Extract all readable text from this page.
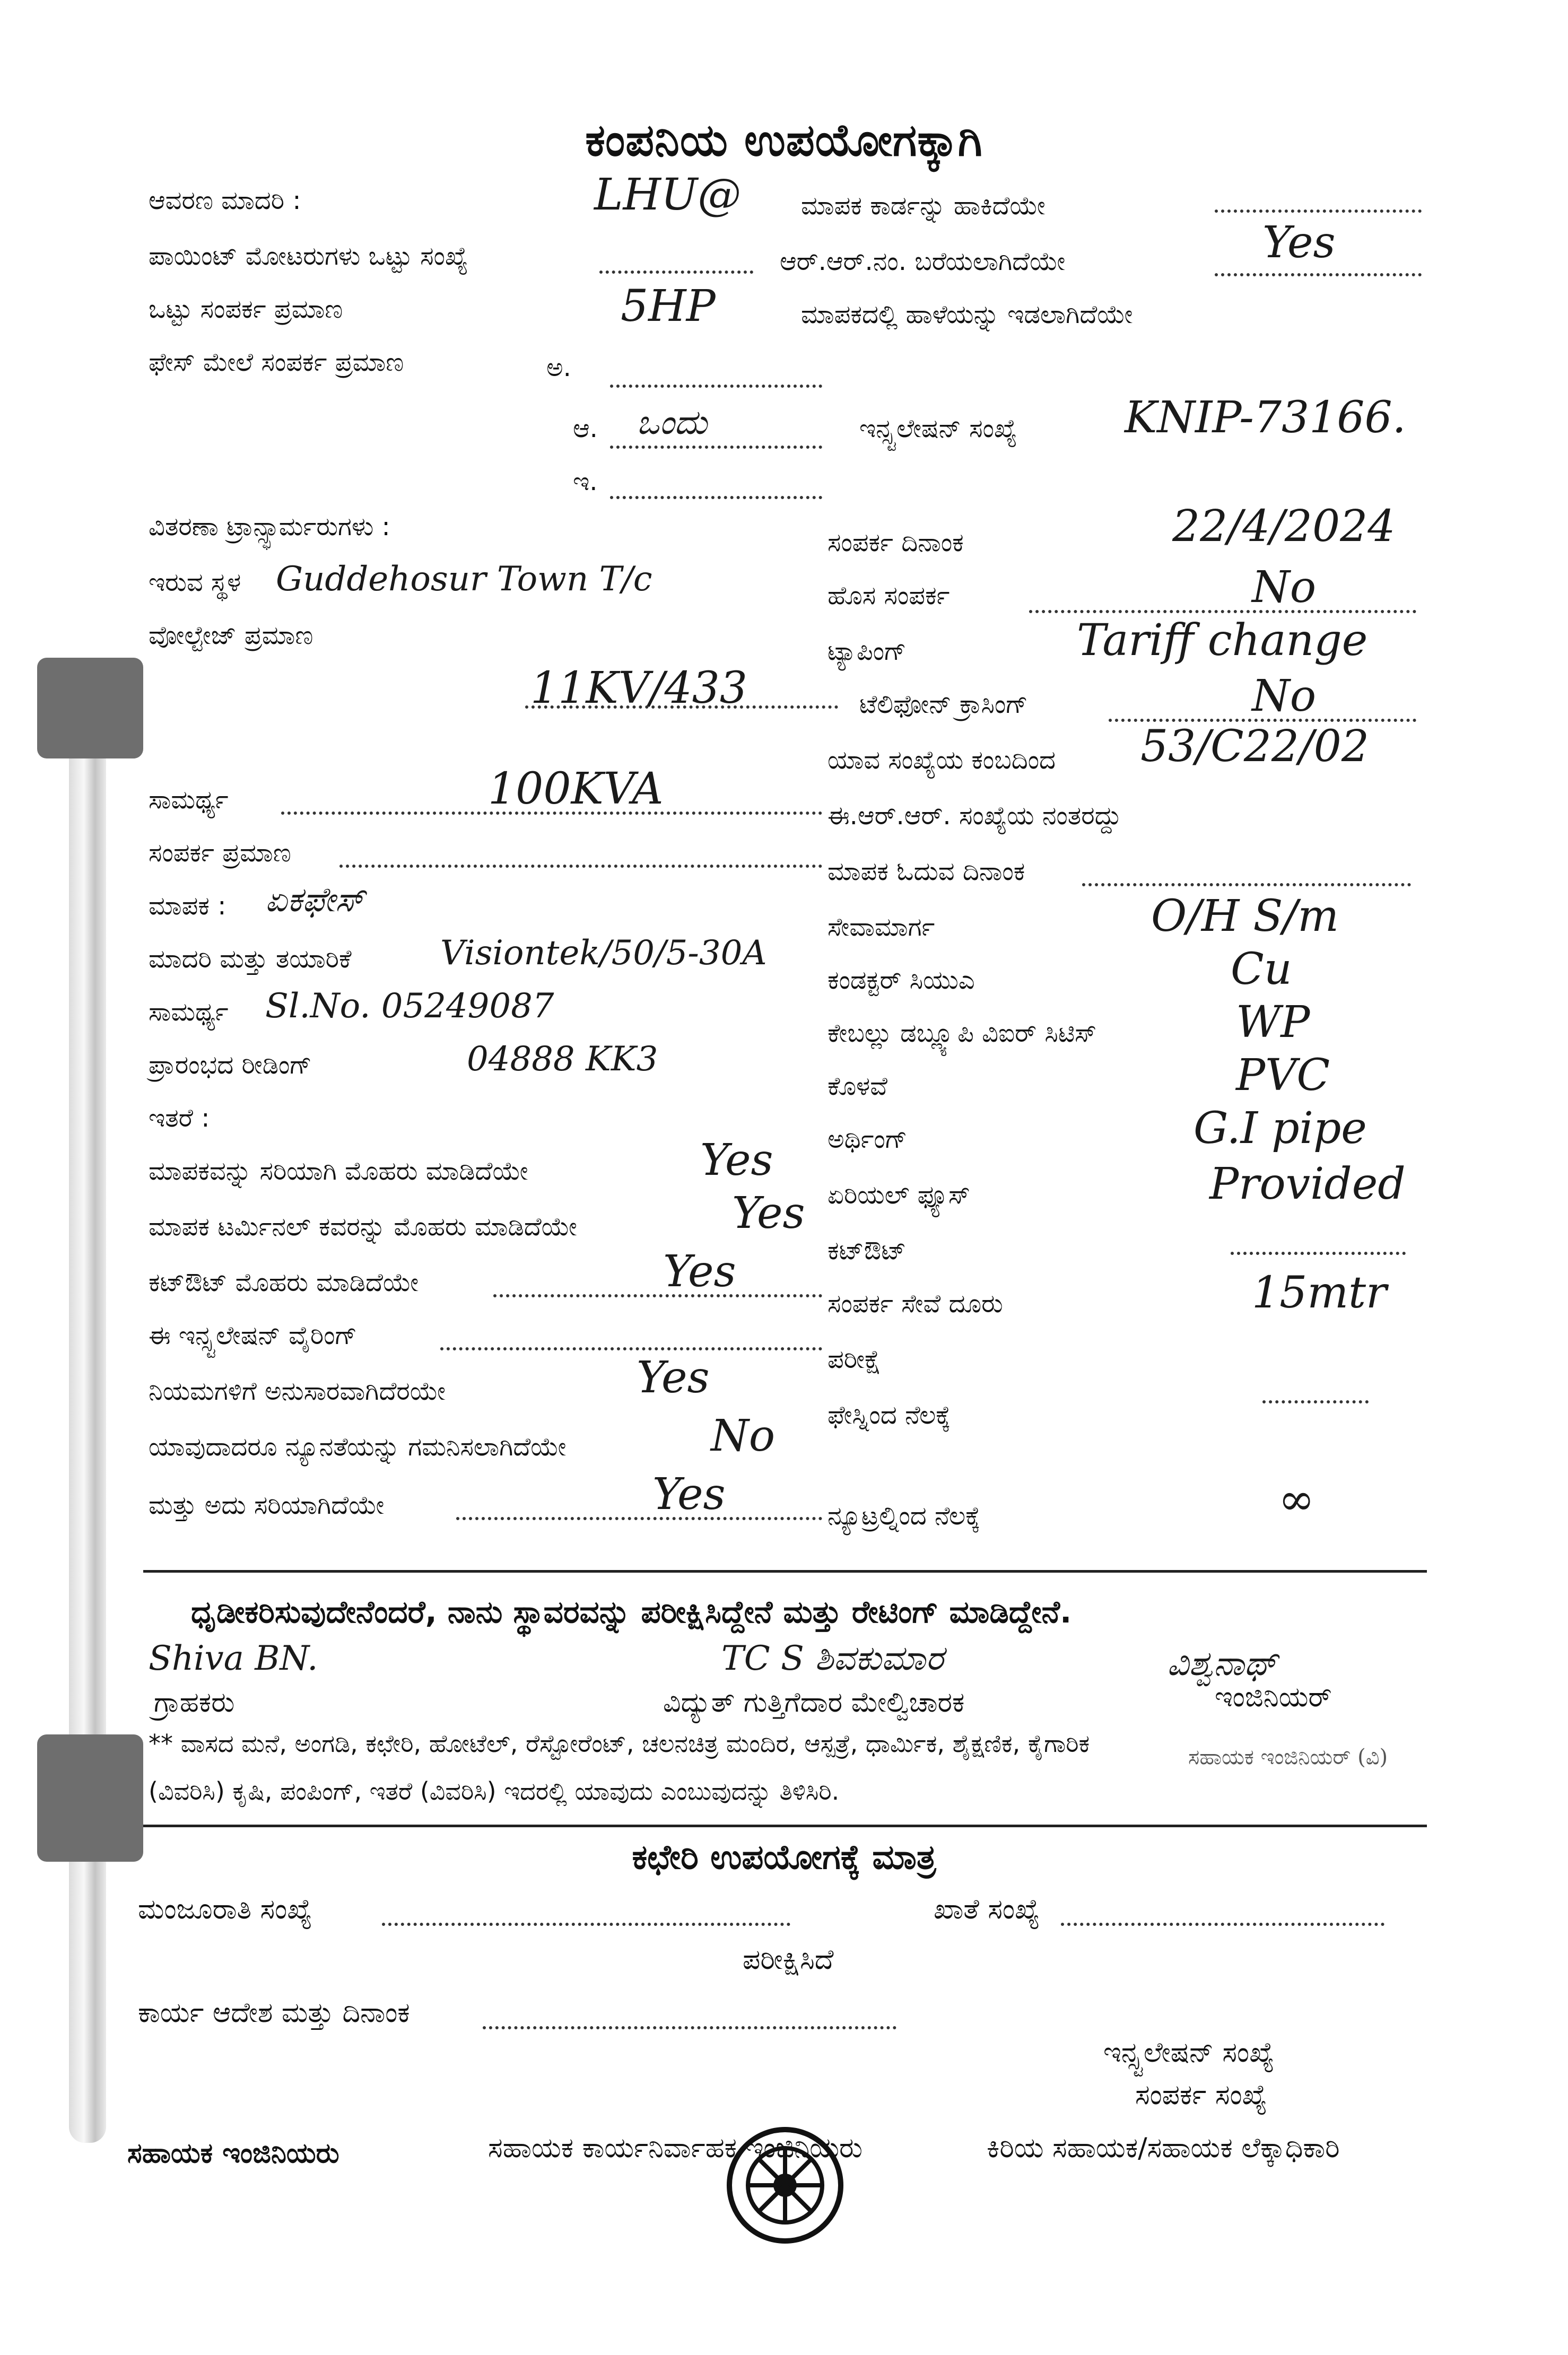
ಕಂಪನಿಯ ಉಪಯೋಗಕ್ಕಾಗಿ
ಆವರಣ ಮಾದರಿ :	LHU@
ಪಾಯಿಂಟ್ ಮೋಟರುಗಳು ಒಟ್ಟು ಸಂಖ್ಯೆ
ಒಟ್ಟು ಸಂಪರ್ಕ ಪ್ರಮಾಣ	5HP
ಫೇಸ್ ಮೇಲೆ ಸಂಪರ್ಕ ಪ್ರಮಾಣ	ಅ.
ಆ. ಒಂದು
ಇ.
ಮಾಪಕ ಕಾರ್ಡನ್ನು ಹಾಕಿದೆಯೇ
ಆರ್.ಆರ್.ನಂ. ಬರೆಯಲಾಗಿದೆಯೇ	Yes
ಮಾಪಕದಲ್ಲಿ ಹಾಳೆಯನ್ನು ಇಡಲಾಗಿದೆಯೇ
ಇನ್ಸ್ಟಲೇಷನ್ ಸಂಖ್ಯೆ KNIP-73166.
ವಿತರಣಾ ಟ್ರಾನ್ಸ್ಫಾರ್ಮರುಗಳು :
ಇರುವ ಸ್ಥಳ Guddehosur Town T/c
ವೋಲ್ಟೇಜ್ ಪ್ರಮಾಣ
11KV/433
ಸಾಮರ್ಥ್ಯ	100KVA
ಸಂಪರ್ಕ ಪ್ರಮಾಣ
ಮಾಪಕ : ಏಕಫೇಸ್
ಮಾದರಿ ಮತ್ತು ತಯಾರಿಕೆ	Visiontek/50/5-30A
ಸಾಮರ್ಥ್ಯ Sl.No. 05249087
ಪ್ರಾರಂಭದ ರೀಡಿಂಗ್	04888 KK3
ಇತರೆ :
ಮಾಪಕವನ್ನು ಸರಿಯಾಗಿ ಮೊಹರು ಮಾಡಿದೆಯೇ	Yes
ಮಾಪಕ ಟರ್ಮಿನಲ್ ಕವರನ್ನು ಮೊಹರು ಮಾಡಿದೆಯೇ	Yes
ಕಟ್ಔಟ್ ಮೊಹರು ಮಾಡಿದೆಯೇ	Yes
ಈ ಇನ್ಸ್ಟಲೇಷನ್ ವೈರಿಂಗ್
ನಿಯಮಗಳಿಗೆ ಅನುಸಾರವಾಗಿದೆರಯೇ	Yes
ಯಾವುದಾದರೂ ನ್ಯೂನತೆಯನ್ನು ಗಮನಿಸಲಾಗಿದೆಯೇ	No
ಮತ್ತು ಅದು ಸರಿಯಾಗಿದೆಯೇ	Yes
ಸಂಪರ್ಕ ದಿನಾಂಕ	22/4/2024
ಹೊಸ ಸಂಪರ್ಕ	No
ಟ್ಯಾಪಿಂಗ್	Tariff change
ಟೆಲಿಫೋನ್ ಕ್ರಾಸಿಂಗ್	No
ಯಾವ ಸಂಖ್ಯೆಯ ಕಂಬದಿಂದ 53/C22/02
ಈ.ಆರ್.ಆರ್. ಸಂಖ್ಯೆಯ ನಂತರದ್ದು
ಮಾಪಕ ಓದುವ ದಿನಾಂಕ
ಸೇವಾಮಾರ್ಗ	O/H S/m
ಕಂಡಕ್ಟರ್ ಸಿಯುಎ	Cu
ಕೇಬಲ್ಲು ಡಬ್ಲ್ಯೂಪಿ ವಿಐರ್ ಸಿಟಿಸ್	WP
ಕೊಳವೆ	PVC
ಅರ್ಥಿಂಗ್	G.I pipe
ಏರಿಯಲ್ ಫ್ಯೂಸ್	Provided
ಕಟ್ಔಟ್
ಸಂಪರ್ಕ ಸೇವೆ ದೂರು	15mtr
ಪರೀಕ್ಷೆ
ಫೇಸ್ನಿಂದ ನೆಲಕ್ಕೆ
ನ್ಯೂಟ್ರಲ್ನಿಂದ ನೆಲಕ್ಕೆ	∞
ಧೃಡೀಕರಿಸುವುದೇನೆಂದರೆ, ನಾನು ಸ್ಥಾವರವನ್ನು ಪರೀಕ್ಷಿಸಿದ್ದೇನೆ ಮತ್ತು ರೇಟಿಂಗ್ ಮಾಡಿದ್ದೇನೆ.
Shiva BN.	TC S ಶಿವಕುಮಾರ	ವಿಶ್ವನಾಥ್
ಗ್ರಾಹಕರು	ವಿದ್ಯುತ್ ಗುತ್ತಿಗೆದಾರ ಮೇಲ್ವಿಚಾರಕ	ಇಂಜಿನಿಯರ್
** ವಾಸದ ಮನೆ, ಅಂಗಡಿ, ಕಛೇರಿ, ಹೋಟೆಲ್, ರೆಸ್ಟೋರೆಂಟ್, ಚಲನಚಿತ್ರ ಮಂದಿರ, ಆಸ್ಪತ್ರೆ, ಧಾರ್ಮಿಕ, ಶೈಕ್ಷಣಿಕ, ಕೈಗಾರಿಕ
(ವಿವರಿಸಿ) ಕೃಷಿ, ಪಂಪಿಂಗ್, ಇತರೆ (ವಿವರಿಸಿ) ಇದರಲ್ಲಿ ಯಾವುದು ಎಂಬುವುದನ್ನು ತಿಳಿಸಿರಿ.
ಸಹಾಯಕ ಇಂಜಿನಿಯರ್ (ವಿ)
ಕಛೇರಿ ಉಪಯೋಗಕ್ಕೆ ಮಾತ್ರ
ಮಂಜೂರಾತಿ ಸಂಖ್ಯೆ	ಖಾತೆ ಸಂಖ್ಯೆ
ಪರೀಕ್ಷಿಸಿದೆ
ಕಾರ್ಯ ಆದೇಶ ಮತ್ತು ದಿನಾಂಕ
ಇನ್ಸ್ಟಲೇಷನ್ ಸಂಖ್ಯೆ
ಸಂಪರ್ಕ ಸಂಖ್ಯೆ
ಸಹಾಯಕ ಇಂಜಿನಿಯರು	ಸಹಾಯಕ ಕಾರ್ಯನಿರ್ವಾಹಕ ಇಂಜಿನಿಯರು	ಕಿರಿಯ ಸಹಾಯಕ/ಸಹಾಯಕ ಲೆಕ್ಕಾಧಿಕಾರಿ
